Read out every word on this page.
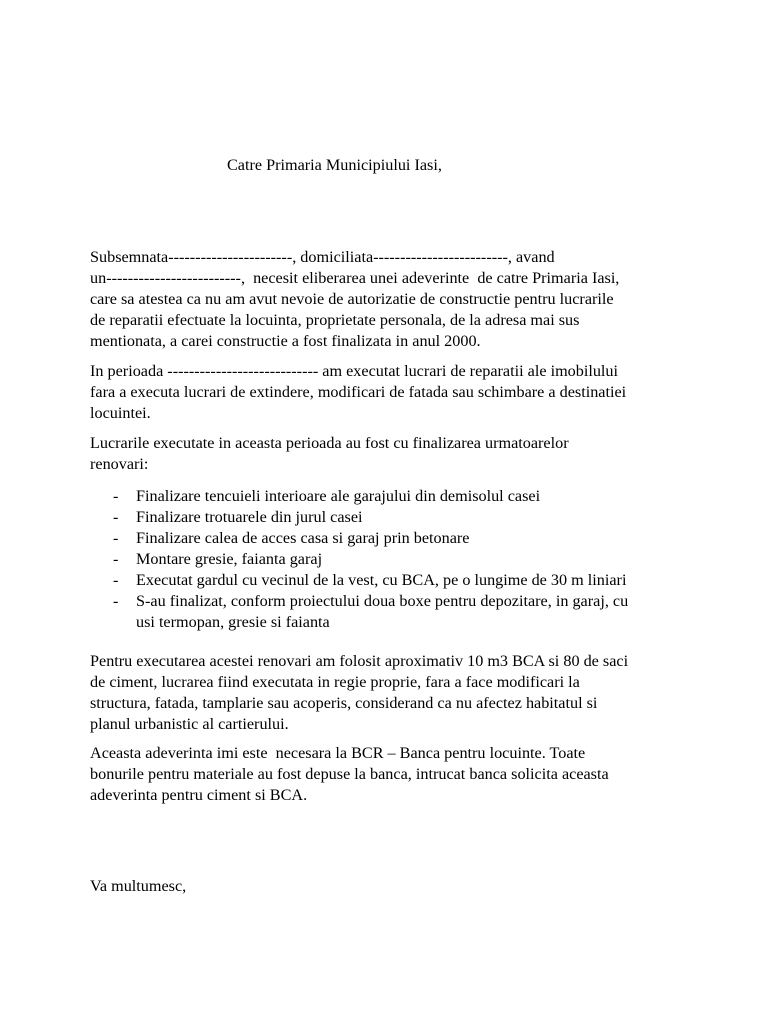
Catre Primaria Municipiului Iasi,

Subsemnata-----------------------, domiciliata-------------------------, avand
un-------------------------,  necesit eliberarea unei adeverinte  de catre Primaria Iasi,
care sa atestea ca nu am avut nevoie de autorizatie de constructie pentru lucrarile
de reparatii efectuate la locuinta, proprietate personala, de la adresa mai sus
mentionata, a carei constructie a fost finalizata in anul 2000.

In perioada ---------------------------- am executat lucrari de reparatii ale imobilului
fara a executa lucrari de extindere, modificari de fatada sau schimbare a destinatiei
locuintei.

Lucrarile executate in aceasta perioada au fost cu finalizarea urmatoarelor
renovari:

- Finalizare tencuieli interioare ale garajului din demisolul casei
- Finalizare trotuarele din jurul casei
- Finalizare calea de acces casa si garaj prin betonare
- Montare gresie, faianta garaj
- Executat gardul cu vecinul de la vest, cu BCA, pe o lungime de 30 m liniari
- S-au finalizat, conform proiectului doua boxe pentru depozitare, in garaj, cu
usi termopan, gresie si faianta

Pentru executarea acestei renovari am folosit aproximativ 10 m3 BCA si 80 de saci
de ciment, lucrarea fiind executata in regie proprie, fara a face modificari la
structura, fatada, tamplarie sau acoperis, considerand ca nu afectez habitatul si
planul urbanistic al cartierului.

Aceasta adeverinta imi este  necesara la BCR – Banca pentru locuinte. Toate
bonurile pentru materiale au fost depuse la banca, intrucat banca solicita aceasta
adeverinta pentru ciment si BCA.

Va multumesc,
